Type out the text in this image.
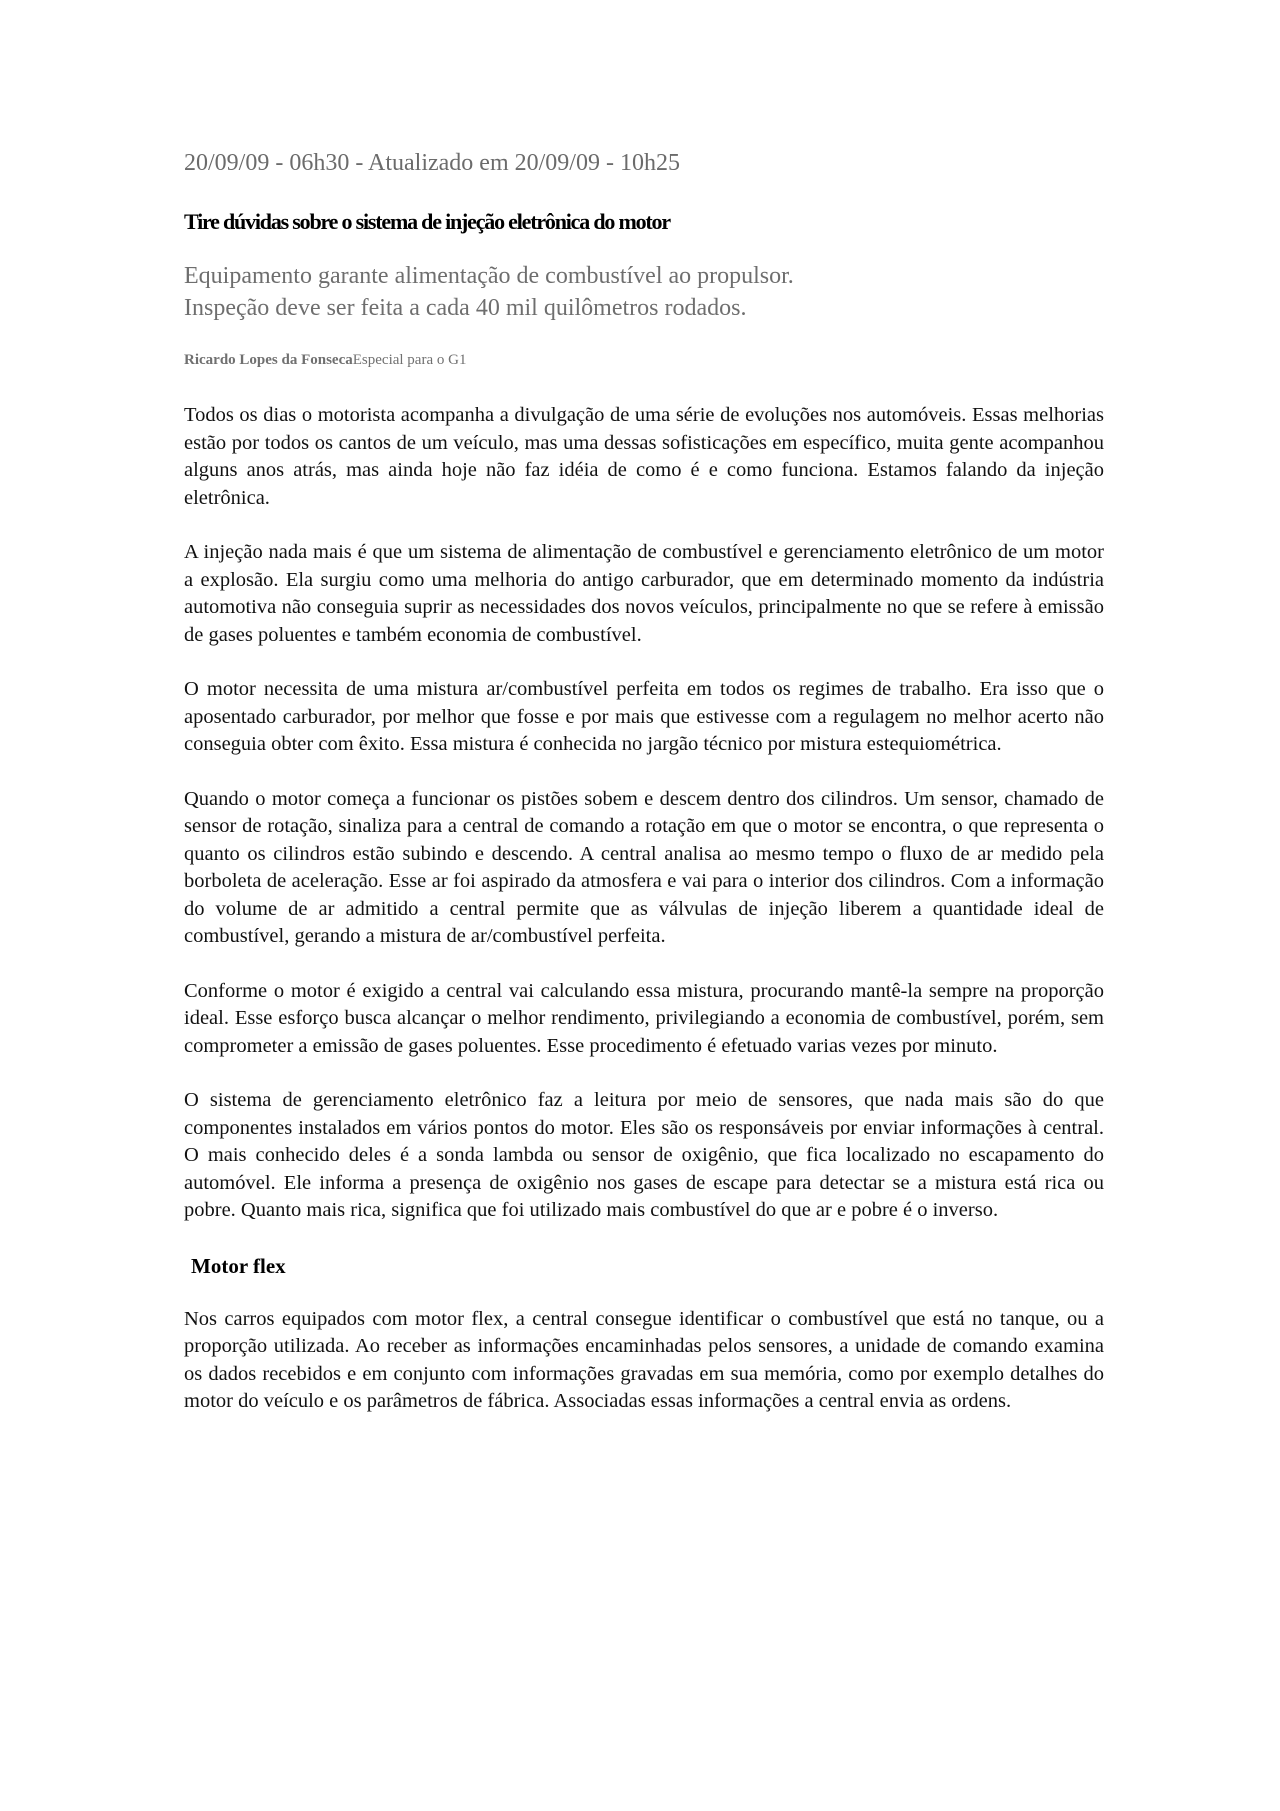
20/09/09 - 06h30 - Atualizado em 20/09/09 - 10h25
Tire dúvidas sobre o sistema de injeção eletrônica do motor
Equipamento garante alimentação de combustível ao propulsor.
Inspeção deve ser feita a cada 40 mil quilômetros rodados.
Ricardo Lopes da FonsecaEspecial para o G1

Todos os dias o motorista acompanha a divulgação de uma série de evoluções nos automóveis. Essas melhorias estão por todos os cantos de um veículo, mas uma dessas sofisticações em específico, muita gente acompanhou alguns anos atrás, mas ainda hoje não faz idéia de como é e como funciona. Estamos falando da injeção eletrônica.

A injeção nada mais é que um sistema de alimentação de combustível e gerenciamento eletrônico de um motor a explosão. Ela surgiu como uma melhoria do antigo carburador, que em determinado momento da indústria automotiva não conseguia suprir as necessidades dos novos veículos, principalmente no que se refere à emissão de gases poluentes e também economia de combustível.

O motor necessita de uma mistura ar/combustível perfeita em todos os regimes de trabalho. Era isso que o aposentado carburador, por melhor que fosse e por mais que estivesse com a regulagem no melhor acerto não conseguia obter com êxito. Essa mistura é conhecida no jargão técnico por mistura estequiométrica.

Quando o motor começa a funcionar os pistões sobem e descem dentro dos cilindros. Um sensor, chamado de sensor de rotação, sinaliza para a central de comando a rotação em que o motor se encontra, o que representa o quanto os cilindros estão subindo e descendo. A central analisa ao mesmo tempo o fluxo de ar medido pela borboleta de aceleração. Esse ar foi aspirado da atmosfera e vai para o interior dos cilindros. Com a informação do volume de ar admitido a central permite que as válvulas de injeção liberem a quantidade ideal de combustível, gerando a mistura de ar/combustível perfeita.

Conforme o motor é exigido a central vai calculando essa mistura, procurando mantê-la sempre na proporção ideal. Esse esforço busca alcançar o melhor rendimento, privilegiando a economia de combustível, porém, sem comprometer a emissão de gases poluentes. Esse procedimento é efetuado varias vezes por minuto.

O sistema de gerenciamento eletrônico faz a leitura por meio de sensores, que nada mais são do que componentes instalados em vários pontos do motor. Eles são os responsáveis por enviar informações à central. O mais conhecido deles é a sonda lambda ou sensor de oxigênio, que fica localizado no escapamento do automóvel. Ele informa a presença de oxigênio nos gases de escape para detectar se a mistura está rica ou pobre. Quanto mais rica, significa que foi utilizado mais combustível do que ar e pobre é o inverso.

Motor flex

Nos carros equipados com motor flex, a central consegue identificar o combustível que está no tanque, ou a proporção utilizada. Ao receber as informações encaminhadas pelos sensores, a unidade de comando examina os dados recebidos e em conjunto com informações gravadas em sua memória, como por exemplo detalhes do motor do veículo e os parâmetros de fábrica. Associadas essas informações a central envia as ordens.
